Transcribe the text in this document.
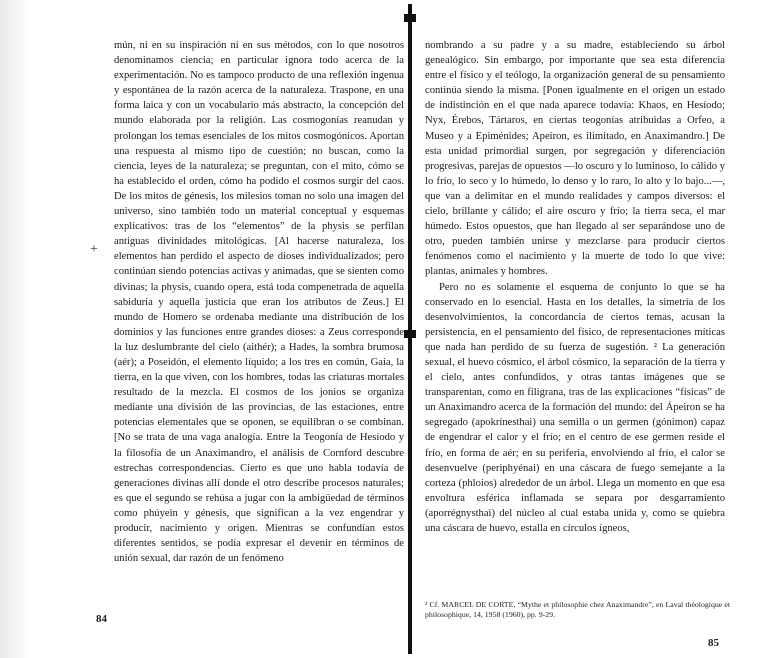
mún, ni en su inspiración ni en sus métodos, con lo que nosotros denominamos ciencia; en particular ignora todo acerca de la experimentación. No es tampoco producto de una reflexión ingenua y espontánea de la razón acerca de la naturaleza. Traspone, en una forma laica y con un vocabulario más abstracto, la concepción del mundo elaborada por la religión. Las cosmogonías reanudan y prolongan los temas esenciales de los mitos cosmogónicos. Aportan una respuesta al mismo tipo de cuestión; no buscan, como la ciencia, leyes de la naturaleza; se preguntan, con el mito, cómo se ha establecido el orden, cómo ha podido el cosmos surgir del caos. De los mitos de génesis, los milesios toman no solo una imagen del universo, sino también todo un material conceptual y esquemas explicativos: tras de los “elementos” de la physis se perfilan antiguas divinidades mitológicas. [Al hacerse naturaleza, los elementos han perdido el aspecto de dioses individualizados; pero continúan siendo potencias activas y animadas, que se sienten como divinas; la physis, cuando opera, está toda compenetrada de aquella sabiduría y aquella justicia que eran los atributos de Zeus.] El mundo de Homero se ordenaba mediante una distribución de los dominios y las funciones entre grandes dioses: a Zeus corresponde la luz deslumbrante del cielo (aithér); a Hades, la sombra brumosa (aér); a Poseidón, el elemento líquido; a los tres en común, Gaia, la tierra, en la que viven, con los hombres, todas las criaturas mortales resultado de la mezcla. El cosmos de los jonios se organiza mediante una división de las provincias, de las estaciones, entre potencias elementales que se oponen, se equilibran o se combinan. [No se trata de una vaga analogía. Entre la Teogonía de Hesíodo y la filosofía de un Anaximandro, el análisis de Cornford descubre estrechas correspondencias. Cierto es que uno habla todavía de generaciones divinas allí donde el otro describe procesos naturales; es que el segundo se rehúsa a jugar con la ambigüedad de términos como phúyein y génesis, que significan a la vez engendrar y producir, nacimiento y origen. Mientras se confundían estos diferentes sentidos, se podía expresar el devenir en términos de unión sexual, dar razón de un fenómeno

+

nombrando a su padre y a su madre, estableciendo su árbol genealógico. Sin embargo, por importante que sea esta diferencia entre el físico y el teólogo, la organización general de su pensamiento continúa siendo la misma. [Ponen igualmente en el origen un estado de indistinción en el que nada aparece todavía: Khaos, en Hesíodo; Nyx, Érebos, Tártaros, en ciertas teogonías atribuidas a Orfeo, a Museo y a Epiménides; Apeiron, es ilimitado, en Anaximandro.] De esta unidad primordial surgen, por segregación y diferenciación progresivas, parejas de opuestos —lo oscuro y lo luminoso, lo cálido y lo frío, lo seco y lo húmedo, lo denso y lo raro, lo alto y lo bajo...—, que van a delimitar en el mundo realidades y campos diversos: el cielo, brillante y cálido; el aire oscuro y frío; la tierra seca, el mar húmedo. Estos opuestos, que han llegado al ser separándose uno de otro, pueden también unirse y mezclarse para producir ciertos fenómenos como el nacimiento y la muerte de todo lo que vive: plantas, animales y hombres.

Pero no es solamente el esquema de conjunto lo que se ha conservado en lo esencial. Hasta en los detalles, la simetría de los desenvolvimientos, la concordancia de ciertos temas, acusan la persistencia, en el pensamiento del físico, de representaciones míticas que nada han perdido de su fuerza de sugestión. ² La generación sexual, el huevo cósmico, el árbol cósmico, la separación de la tierra y el cielo, antes confundidos, y otras tantas imágenes que se transparentan, como en filigrana, tras de las explicaciones “físicas” de un Anaximandro acerca de la formación del mundo: del Ápeiron se ha segregado (apokrínesthai) una semilla o un germen (gónimon) capaz de engendrar el calor y el frío; en el centro de ese germen reside el frío, en forma de aér; en su periferia, envolviendo al frío, el calor se desenvuelve (periphyénai) en una cáscara de fuego semejante a la corteza (phloios) alrededor de un árbol. Llega un momento en que esa envoltura esférica inflamada se separa por desgarramiento (aporrégnysthai) del núcleo al cual estaba unida y, como se quiebra una cáscara de huevo, estalla en círculos ígneos,

² Cf. MARCEL DE CORTE, “Mythe et philosophie chez Anaximandre”, en Laval théologique et philosophique, 14, 1958 (1960), pp. 9-29.
84
85
